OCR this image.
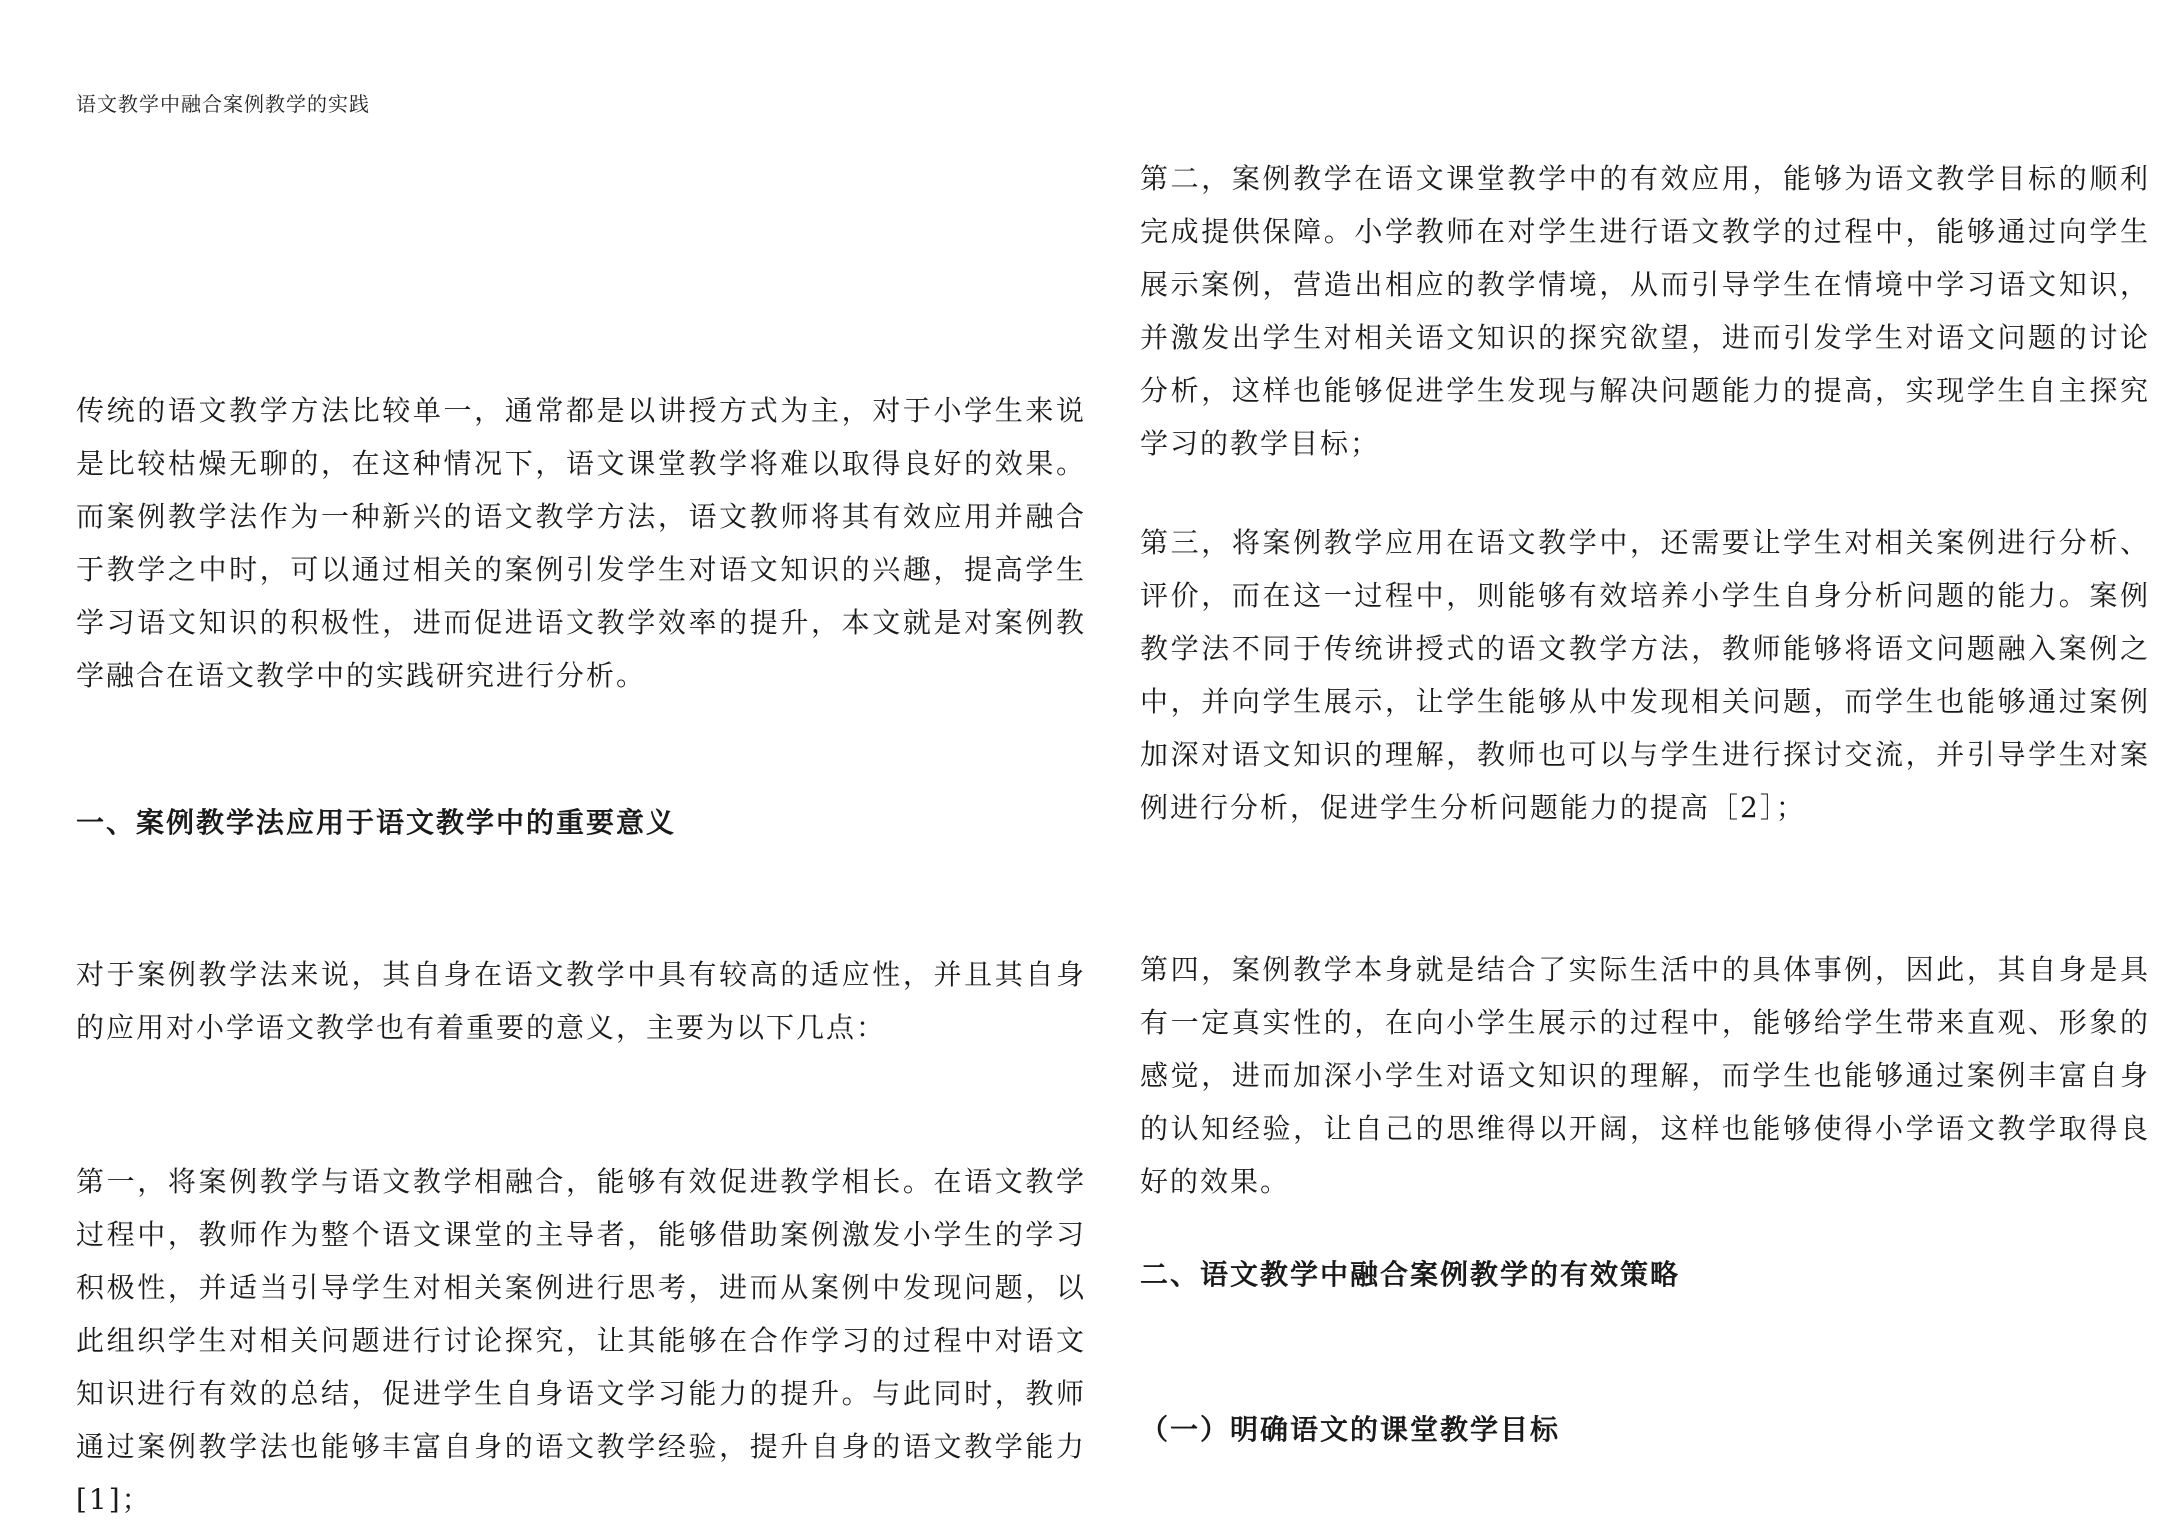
语文教学中融合案例教学的实践

传统的语文教学方法比较单一，通常都是以讲授方式为主，对于小学生来说是比较枯燥无聊的，在这种情况下，语文课堂教学将难以取得良好的效果。而案例教学法作为一种新兴的语文教学方法，语文教师将其有效应用并融合于教学之中时，可以通过相关的案例引发学生对语文知识的兴趣，提高学生学习语文知识的积极性，进而促进语文教学效率的提升，本文就是对案例教学融合在语文教学中的实践研究进行分析。

一、案例教学法应用于语文教学中的重要意义

对于案例教学法来说，其自身在语文教学中具有较高的适应性，并且其自身的应用对小学语文教学也有着重要的意义，主要为以下几点：

第一，将案例教学与语文教学相融合，能够有效促进教学相长。在语文教学过程中，教师作为整个语文课堂的主导者，能够借助案例激发小学生的学习积极性，并适当引导学生对相关案例进行思考，进而从案例中发现问题，以此组织学生对相关问题进行讨论探究，让其能够在合作学习的过程中对语文知识进行有效的总结，促进学生自身语文学习能力的提升。与此同时，教师通过案例教学法也能够丰富自身的语文教学经验，提升自身的语文教学能力[1]；

第二，案例教学在语文课堂教学中的有效应用，能够为语文教学目标的顺利完成提供保障。小学教师在对学生进行语文教学的过程中，能够通过向学生展示案例，营造出相应的教学情境，从而引导学生在情境中学习语文知识，并激发出学生对相关语文知识的探究欲望，进而引发学生对语文问题的讨论分析，这样也能够促进学生发现与解决问题能力的提高，实现学生自主探究学习的教学目标；

第三，将案例教学应用在语文教学中，还需要让学生对相关案例进行分析、评价，而在这一过程中，则能够有效培养小学生自身分析问题的能力。案例教学法不同于传统讲授式的语文教学方法，教师能够将语文问题融入案例之中，并向学生展示，让学生能够从中发现相关问题，而学生也能够通过案例加深对语文知识的理解，教师也可以与学生进行探讨交流，并引导学生对案例进行分析，促进学生分析问题能力的提高［2］；

第四，案例教学本身就是结合了实际生活中的具体事例，因此，其自身是具有一定真实性的，在向小学生展示的过程中，能够给学生带来直观、形象的感觉，进而加深小学生对语文知识的理解，而学生也能够通过案例丰富自身的认知经验，让自己的思维得以开阔，这样也能够使得小学语文教学取得良好的效果。

二、语文教学中融合案例教学的有效策略
（一）明确语文的课堂教学目标
